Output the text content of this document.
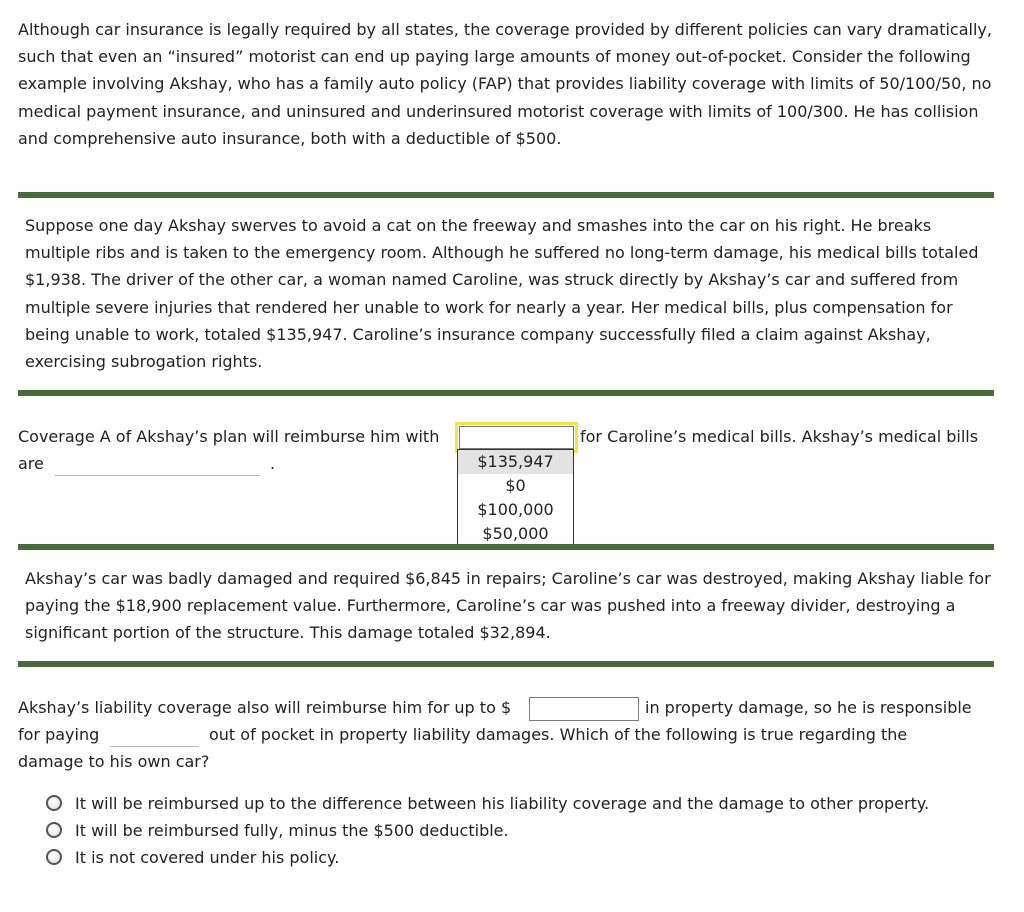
Although car insurance is legally required by all states, the coverage provided by different policies can vary dramatically, such that even an “insured” motorist can end up paying large amounts of money out-of-pocket. Consider the following example involving Akshay, who has a family auto policy (FAP) that provides liability coverage with limits of 50/100/50, no medical payment insurance, and uninsured and underinsured motorist coverage with limits of 100/300. He has collision and comprehensive auto insurance, both with a deductible of $500.

Suppose one day Akshay swerves to avoid a cat on the freeway and smashes into the car on his right. He breaks multiple ribs and is taken to the emergency room. Although he suffered no long-term damage, his medical bills totaled $1,938. The driver of the other car, a woman named Caroline, was struck directly by Akshay’s car and suffered from multiple severe injuries that rendered her unable to work for nearly a year. Her medical bills, plus compensation for being unable to work, totaled $135,947. Caroline’s insurance company successfully filed a claim against Akshay, exercising subrogation rights.

Coverage A of Akshay’s plan will reimburse him with	for Caroline’s medical bills. Akshay’s medical bills
are	.	$135,947
$0
$100,000
$50,000

Akshay’s car was badly damaged and required $6,845 in repairs; Caroline’s car was destroyed, making Akshay liable for paying the $18,900 replacement value. Furthermore, Caroline’s car was pushed into a freeway divider, destroying a significant portion of the structure. This damage totaled $32,894.

Akshay’s liability coverage also will reimburse him for up to $	in property damage, so he is responsible
for paying	out of pocket in property liability damages. Which of the following is true regarding the
damage to his own car?
It will be reimbursed up to the difference between his liability coverage and the damage to other property.
It will be reimbursed fully, minus the $500 deductible.
It is not covered under his policy.
